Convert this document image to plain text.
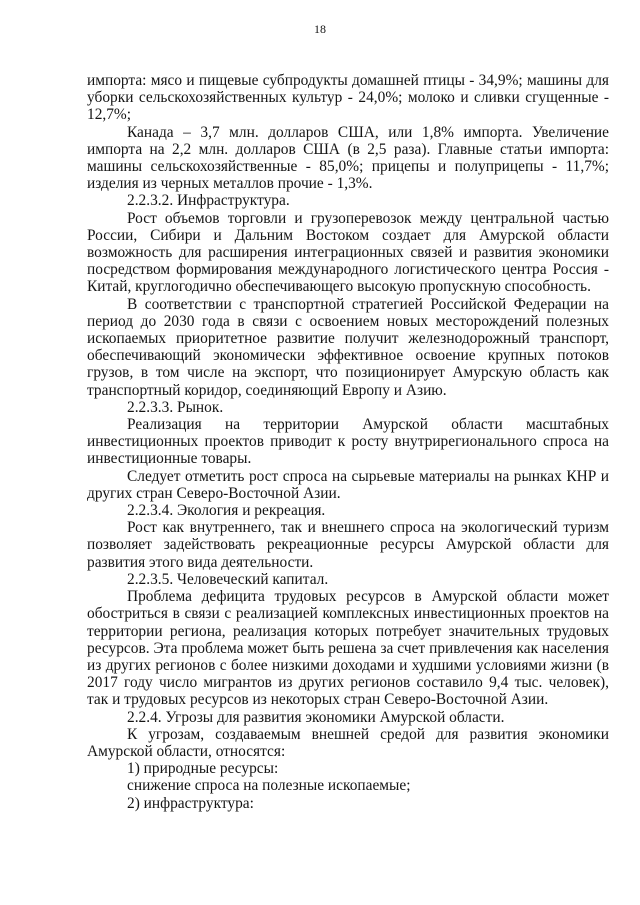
18

импорта: мясо и пищевые субпродукты домашней птицы - 34,9%; машины для уборки сельскохозяйственных культур - 24,0%; молоко и сливки сгущенные - 12,7%;

Канада – 3,7 млн. долларов США, или 1,8% импорта. Увеличение импорта на 2,2 млн. долларов США (в 2,5 раза). Главные статьи импорта: машины сельскохозяйственные - 85,0%; прицепы и полуприцепы - 11,7%; изделия из черных металлов прочие - 1,3%.

2.2.3.2. Инфраструктура.

Рост объемов торговли и грузоперевозок между центральной частью России, Сибири и Дальним Востоком создает для Амурской области возможность для расширения интеграционных связей и развития экономики посредством формирования международного логистического центра Россия - Китай, круглогодично обеспечивающего высокую пропускную способность.

В соответствии с транспортной стратегией Российской Федерации на период до 2030 года в связи с освоением новых месторождений полезных ископаемых приоритетное развитие получит железнодорожный транспорт, обеспечивающий экономически эффективное освоение крупных потоков грузов, в том числе на экспорт, что позиционирует Амурскую область как транспортный коридор, соединяющий Европу и Азию.

2.2.3.3. Рынок.

Реализация на территории Амурской области масштабных инвестиционных проектов приводит к росту внутрирегионального спроса на инвестиционные товары.

Следует отметить рост спроса на сырьевые материалы на рынках КНР и других стран Северо-Восточной Азии.

2.2.3.4. Экология и рекреация.

Рост как внутреннего, так и внешнего спроса на экологический туризм позволяет задействовать рекреационные ресурсы Амурской области для развития этого вида деятельности.

2.2.3.5. Человеческий капитал.

Проблема дефицита трудовых ресурсов в Амурской области может обостриться в связи с реализацией комплексных инвестиционных проектов на территории региона, реализация которых потребует значительных трудовых ресурсов. Эта проблема может быть решена за счет привлечения как населения из других регионов с более низкими доходами и худшими условиями жизни (в 2017 году число мигрантов из других регионов составило 9,4 тыс. человек), так и трудовых ресурсов из некоторых стран Северо-Восточной Азии.

2.2.4. Угрозы для развития экономики Амурской области.

К угрозам, создаваемым внешней средой для развития экономики Амурской области, относятся:

1) природные ресурсы:

снижение спроса на полезные ископаемые;

2) инфраструктура:
